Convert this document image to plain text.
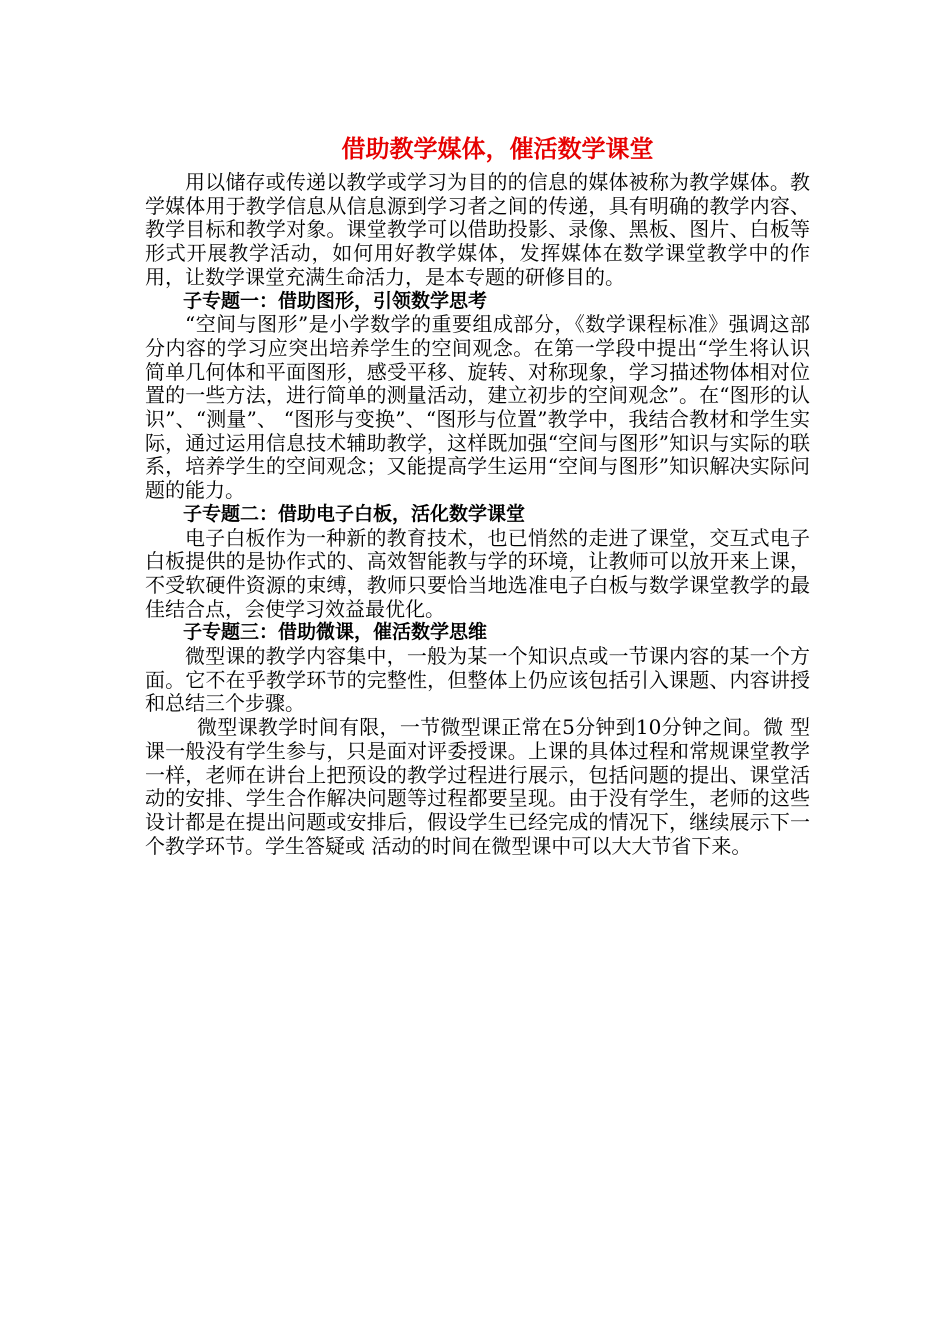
借助教学媒体，催活数学课堂

用以储存或传递以教学或学习为目的的信息的媒体被称为教学媒体。教学媒体用于教学信息从信息源到学习者之间的传递，具有明确的教学内容、教学目标和教学对象。课堂教学可以借助投影、录像、黑板、图片、白板等形式开展教学活动，如何用好教学媒体，发挥媒体在数学课堂教学中的作用，让数学课堂充满生命活力，是本专题的研修目的。

子专题一：借助图形，引领数学思考

“空间与图形”是小学数学的重要组成部分，《数学课程标准》强调这部分内容的学习应突出培养学生的空间观念。在第一学段中提出“学生将认识简单几何体和平面图形，感受平移、旋转、对称现象，学习描述物体相对位置的一些方法，进行简单的测量活动，建立初步的空间观念”。在“图形的认识”、“测量”、 “图形与变换”、“图形与位置”教学中，我结合教材和学生实际，通过运用信息技术辅助教学，这样既加强“空间与图形”知识与实际的联系，培养学生的空间观念；又能提高学生运用“空间与图形”知识解决实际问题的能力。

子专题二：借助电子白板，活化数学课堂

电子白板作为一种新的教育技术，也已悄然的走进了课堂，交互式电子白板提供的是协作式的、高效智能教与学的环境，让教师可以放开来上课，不受软硬件资源的束缚，教师只要恰当地选准电子白板与数学课堂教学的最佳结合点，会使学习效益最优化。

子专题三：借助微课，催活数学思维

微型课的教学内容集中，一般为某一个知识点或一节课内容的某一个方面。它不在乎教学环节的完整性，但整体上仍应该包括引入课题、内容讲授和总结三个步骤。

微型课教学时间有限，一节微型课正常在5分钟到10分钟之间。微 型课一般没有学生参与，只是面对评委授课。上课的具体过程和常规课堂教学一样，老师在讲台上把预设的教学过程进行展示，包括问题的提出、课堂活动的安排、学生合作解决问题等过程都要呈现。由于没有学生，老师的这些设计都是在提出问题或安排后，假设学生已经完成的情况下，继续展示下一个教学环节。学生答疑或 活动的时间在微型课中可以大大节省下来。
